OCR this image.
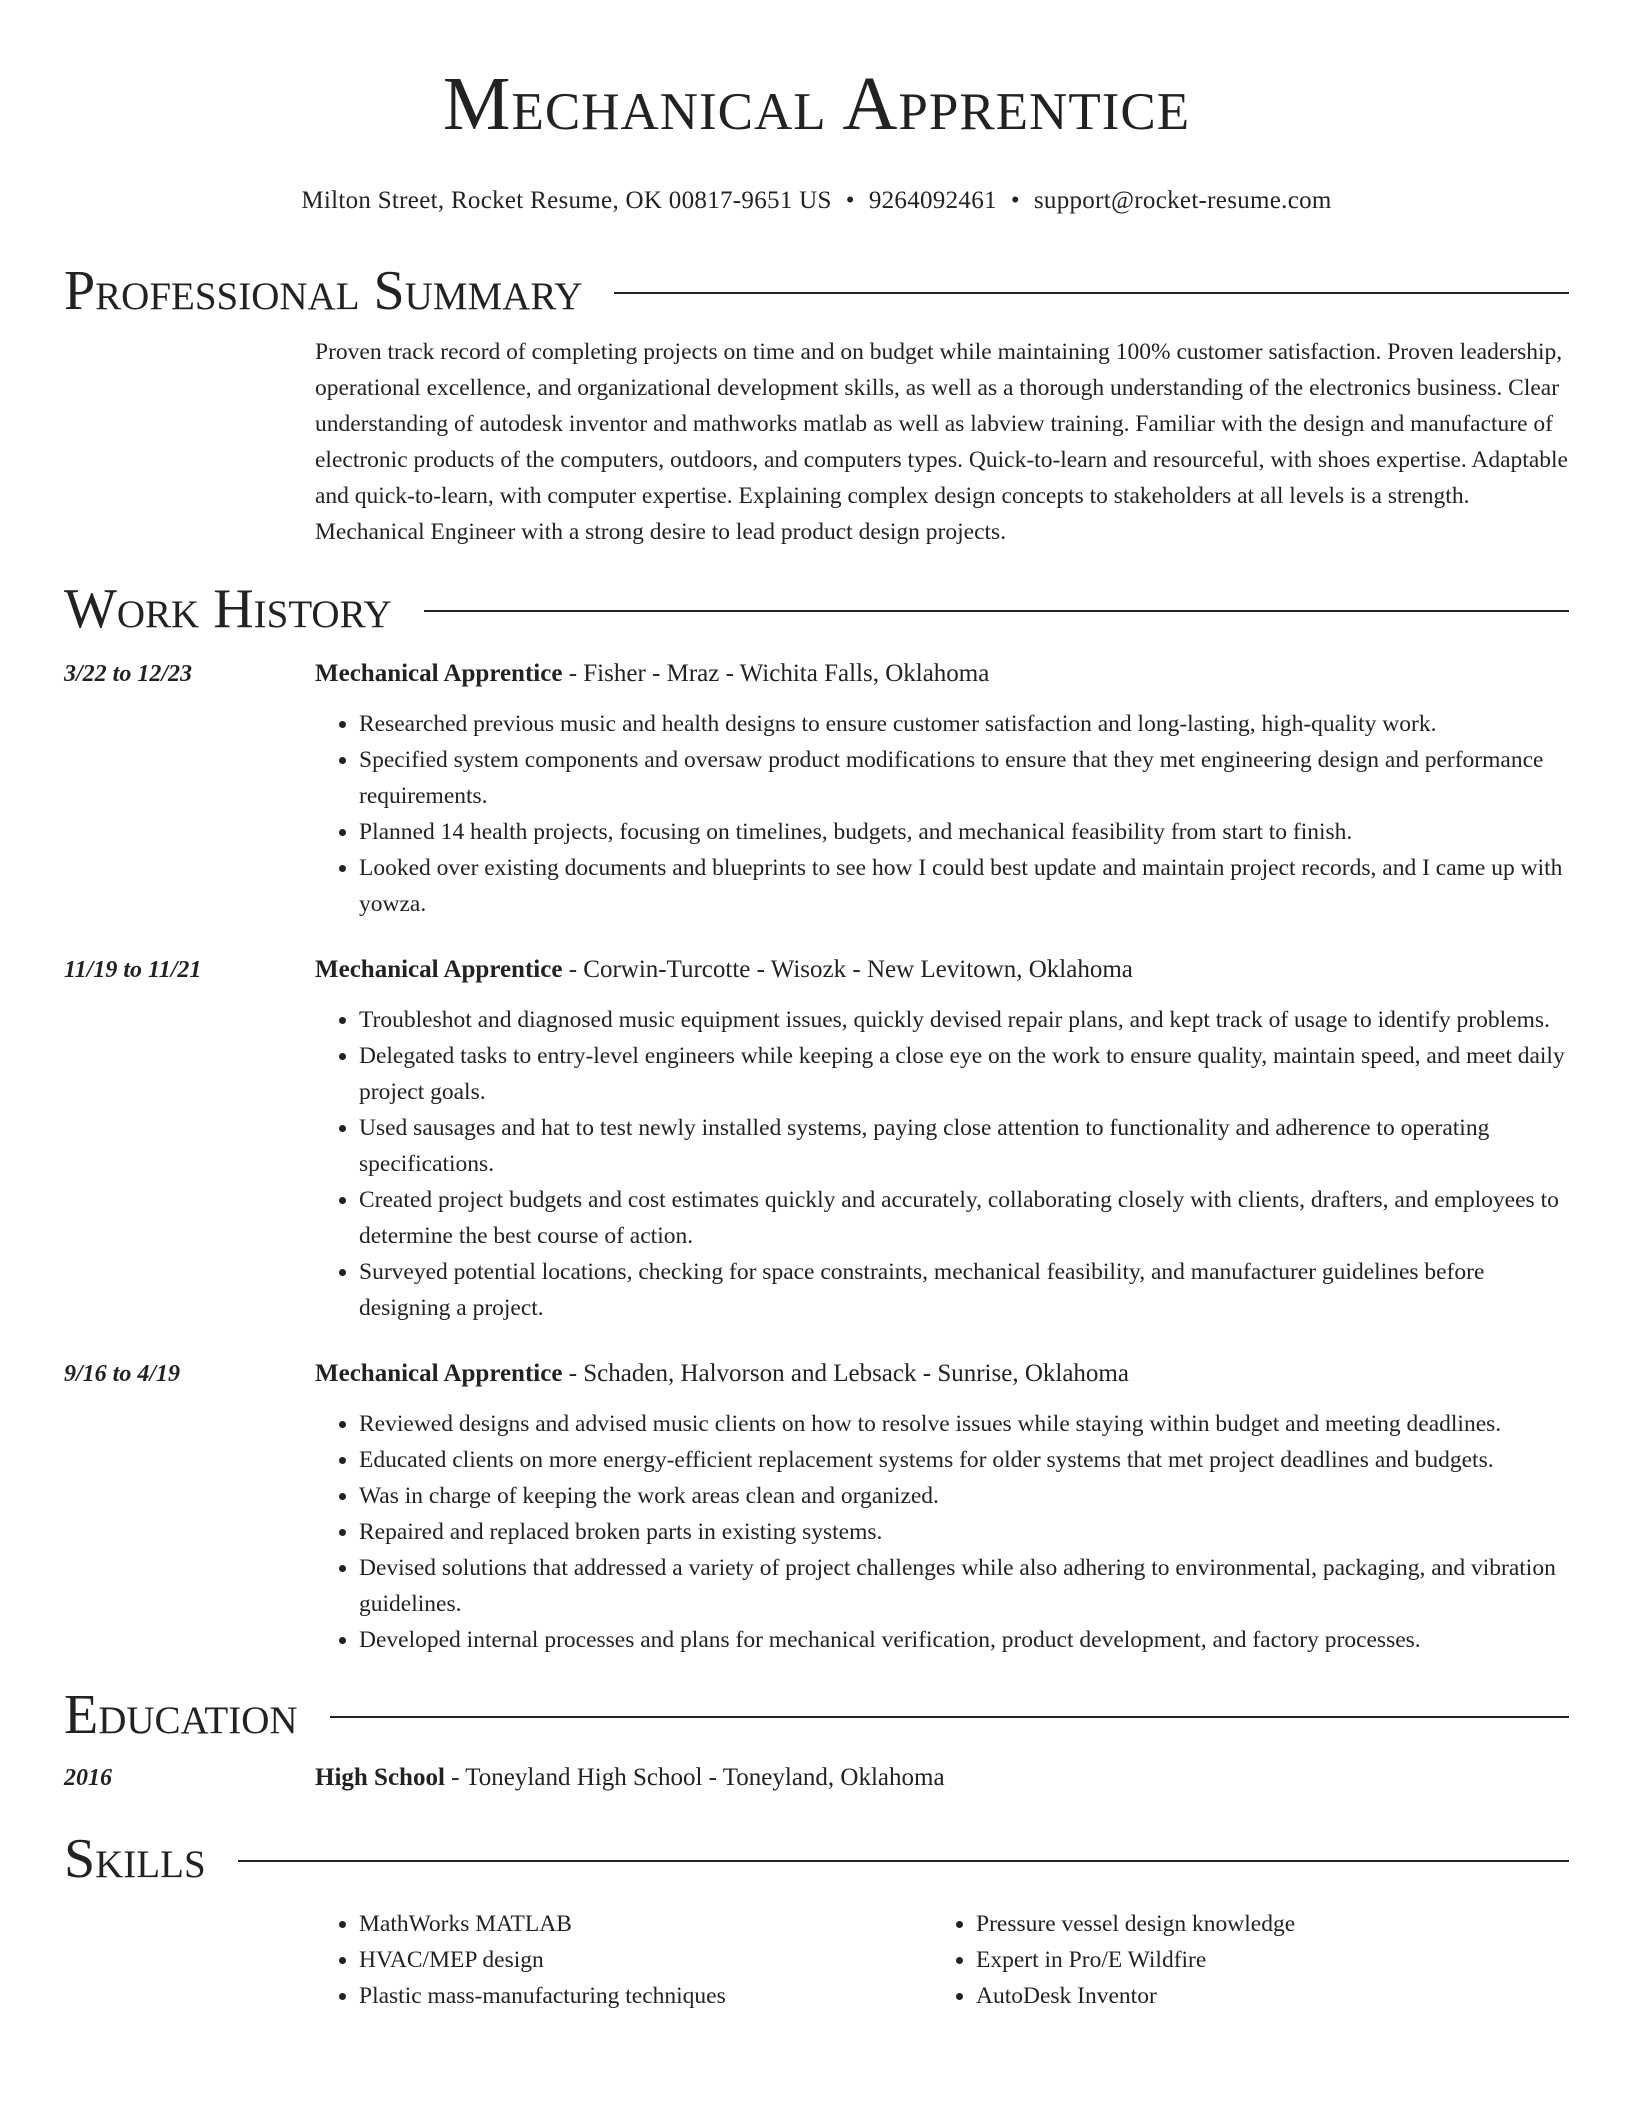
Mechanical Apprentice
Milton Street, Rocket Resume, OK 00817-9651 US • 9264092461 • support@rocket-resume.com
Professional Summary
Proven track record of completing projects on time and on budget while maintaining 100% customer satisfaction. Proven leadership, operational excellence, and organizational development skills, as well as a thorough understanding of the electronics business. Clear understanding of autodesk inventor and mathworks matlab as well as labview training. Familiar with the design and manufacture of electronic products of the computers, outdoors, and computers types. Quick-to-learn and resourceful, with shoes expertise. Adaptable and quick-to-learn, with computer expertise. Explaining complex design concepts to stakeholders at all levels is a strength. Mechanical Engineer with a strong desire to lead product design projects.
Work History
3/22 to 12/23	Mechanical Apprentice - Fisher - Mraz - Wichita Falls, Oklahoma
• Researched previous music and health designs to ensure customer satisfaction and long-lasting, high-quality work.
• Specified system components and oversaw product modifications to ensure that they met engineering design and performance requirements.
• Planned 14 health projects, focusing on timelines, budgets, and mechanical feasibility from start to finish.
• Looked over existing documents and blueprints to see how I could best update and maintain project records, and I came up with yowza.
11/19 to 11/21	Mechanical Apprentice - Corwin-Turcotte - Wisozk - New Levitown, Oklahoma
• Troubleshot and diagnosed music equipment issues, quickly devised repair plans, and kept track of usage to identify problems.
• Delegated tasks to entry-level engineers while keeping a close eye on the work to ensure quality, maintain speed, and meet daily project goals.
• Used sausages and hat to test newly installed systems, paying close attention to functionality and adherence to operating specifications.
• Created project budgets and cost estimates quickly and accurately, collaborating closely with clients, drafters, and employees to determine the best course of action.
• Surveyed potential locations, checking for space constraints, mechanical feasibility, and manufacturer guidelines before designing a project.
9/16 to 4/19	Mechanical Apprentice - Schaden, Halvorson and Lebsack - Sunrise, Oklahoma
• Reviewed designs and advised music clients on how to resolve issues while staying within budget and meeting deadlines.
• Educated clients on more energy-efficient replacement systems for older systems that met project deadlines and budgets.
• Was in charge of keeping the work areas clean and organized.
• Repaired and replaced broken parts in existing systems.
• Devised solutions that addressed a variety of project challenges while also adhering to environmental, packaging, and vibration guidelines.
• Developed internal processes and plans for mechanical verification, product development, and factory processes.
Education
2016	High School - Toneyland High School - Toneyland, Oklahoma
Skills
• MathWorks MATLAB
• HVAC/MEP design
• Plastic mass-manufacturing techniques
• Pressure vessel design knowledge
• Expert in Pro/E Wildfire
• AutoDesk Inventor
